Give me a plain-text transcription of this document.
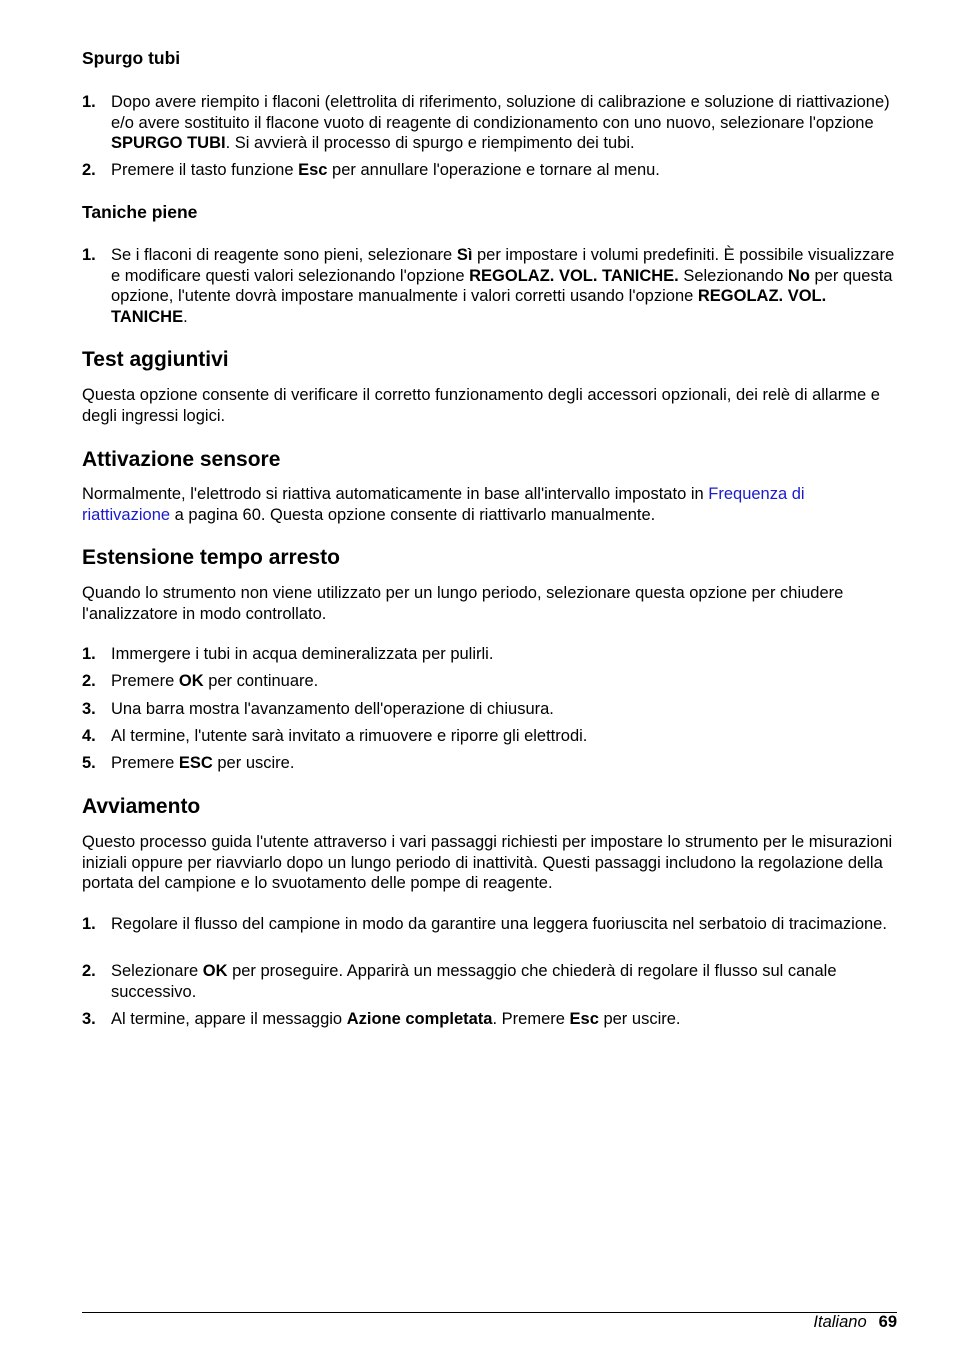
Spurgo tubi
1. Dopo avere riempito i flaconi (elettrolita di riferimento, soluzione di calibrazione e soluzione di riattivazione) e/o avere sostituito il flacone vuoto di reagente di condizionamento con uno nuovo, selezionare l'opzione SPURGO TUBI. Si avvierà il processo di spurgo e riempimento dei tubi.
2. Premere il tasto funzione Esc per annullare l'operazione e tornare al menu.
Taniche piene
1. Se i flaconi di reagente sono pieni, selezionare Sì per impostare i volumi predefiniti. È possibile visualizzare e modificare questi valori selezionando l'opzione REGOLAZ. VOL. TANICHE. Selezionando No per questa opzione, l'utente dovrà impostare manualmente i valori corretti usando l'opzione REGOLAZ. VOL. TANICHE.
Test aggiuntivi

Questa opzione consente di verificare il corretto funzionamento degli accessori opzionali, dei relè di allarme e degli ingressi logici.

Attivazione sensore

Normalmente, l'elettrodo si riattiva automaticamente in base all'intervallo impostato in Frequenza di riattivazione a pagina 60. Questa opzione consente di riattivarlo manualmente.

Estensione tempo arresto

Quando lo strumento non viene utilizzato per un lungo periodo, selezionare questa opzione per chiudere l'analizzatore in modo controllato.

1. Immergere i tubi in acqua demineralizzata per pulirli.
2. Premere OK per continuare.
3. Una barra mostra l'avanzamento dell'operazione di chiusura.
4. Al termine, l'utente sarà invitato a rimuovere e riporre gli elettrodi.
5. Premere ESC per uscire.
Avviamento

Questo processo guida l'utente attraverso i vari passaggi richiesti per impostare lo strumento per le misurazioni iniziali oppure per riavviarlo dopo un lungo periodo di inattività. Questi passaggi includono la regolazione della portata del campione e lo svuotamento delle pompe di reagente.

1. Regolare il flusso del campione in modo da garantire una leggera fuoriuscita nel serbatoio di tracimazione.
2. Selezionare OK per proseguire. Apparirà un messaggio che chiederà di regolare il flusso sul canale successivo.
3. Al termine, appare il messaggio Azione completata. Premere Esc per uscire.
Italiano 69
